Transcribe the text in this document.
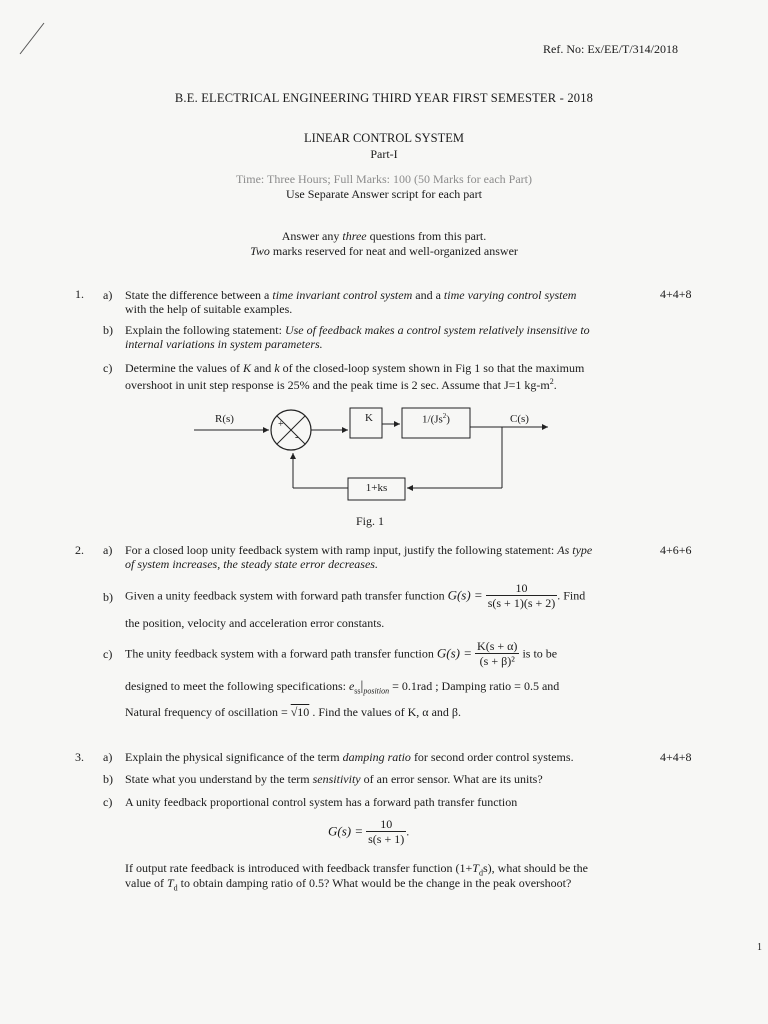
Ref. No: Ex/EE/T/314/2018
B.E. ELECTRICAL ENGINEERING THIRD YEAR FIRST SEMESTER - 2018
LINEAR CONTROL SYSTEM
Part-I
Time: Three Hours; Full Marks: 100 (50 Marks for each Part)
Use Separate Answer script for each part
Answer any three questions from this part.
Two marks reserved for neat and well-organized answer
1.	4+4+8
a) State the difference between a time invariant control system and a time varying control system
with the help of suitable examples.
b) Explain the following statement: Use of feedback makes a control system relatively insensitive to
internal variations in system parameters.
c) Determine the values of K and k of the closed-loop system shown in Fig 1 so that the maximum
overshoot in unit step response is 25% and the peak time is 2 sec. Assume that J=1 $kg-m^2$.
R(s)	C(s)
+
-
K	1/(Js$^2$)
1+ks
Fig. 1
2.	4+6+6
a) For a closed loop unity feedback system with ramp input, justify the following statement: As type
of system increases, the steady state error decreases.
b) Given a unity feedback system with forward path transfer function $G(s) = \frac{10}{s(s + 1)(s + 2)}$ . Find
the position, velocity and acceleration error constants.
c) The unity feedback system with a forward path transfer function $G(s) = \frac{K(s + \alpha)}{\text{(s + β)²}}$ is to be
designed to meet the following specifications: $e_{ss}|_{position} = 0.1rad$ ; Damping ratio = 0.5 and
Natural frequency of oscillation = √10 . Find the values of K, α and β.
3.	4+4+8
a) Explain the physical significance of the term damping ratio for second order control systems.
b) State what you understand by the term sensitivity of an error sensor. What are its units?
c) A unity feedback proportional control system has a forward path transfer function
$G(s) = \frac{10}{s(s + 1)}$ .
If output rate feedback is introduced with feedback transfer function $(1+T_ds)$, what should be the
value of $T_d$ to obtain damping ratio of 0.5? What would be the change in the peak overshoot?
1
